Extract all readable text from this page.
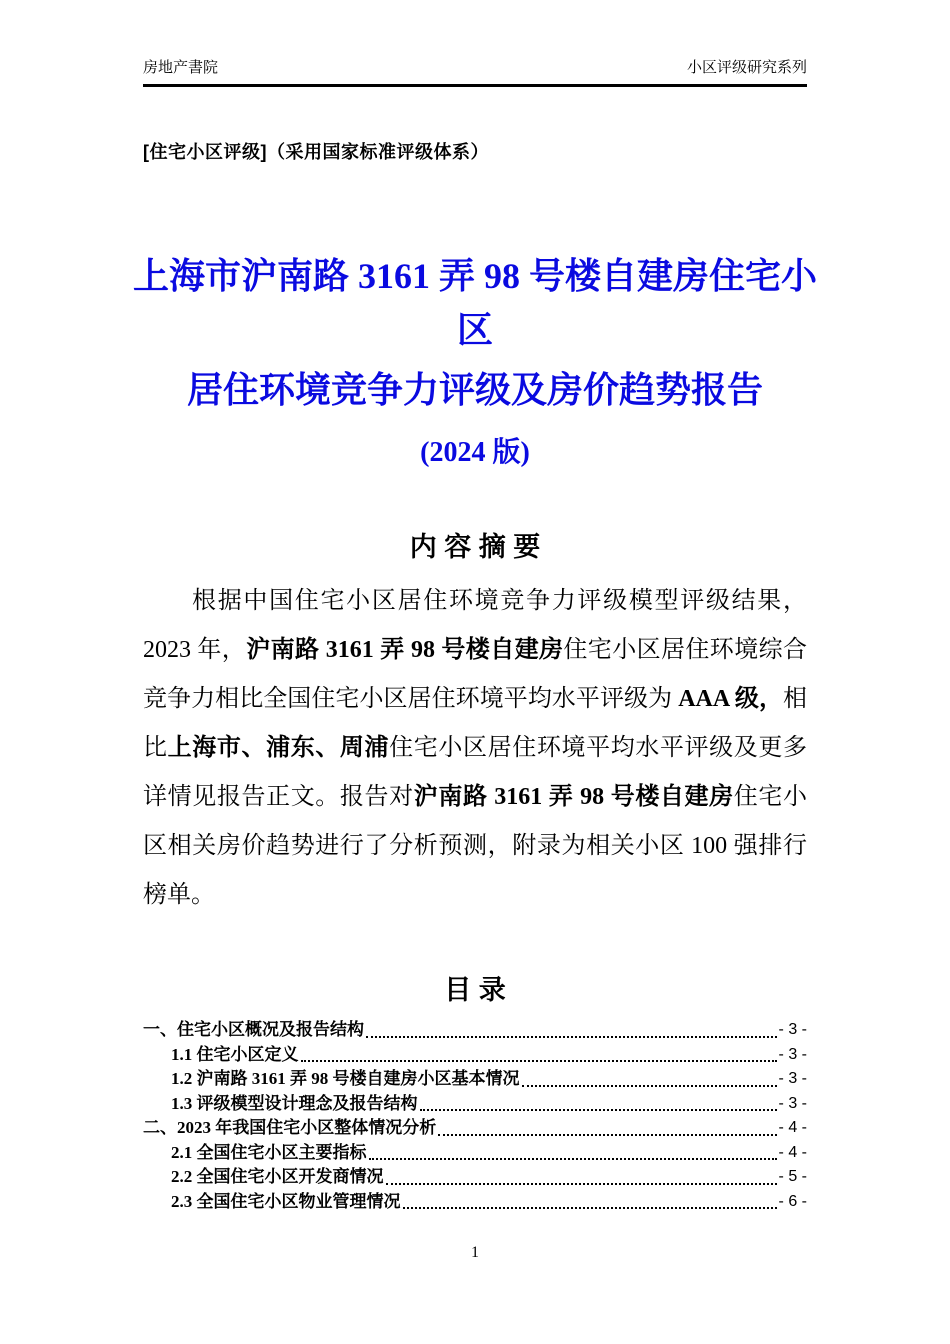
房地产書院	小区评级研究系列
[住宅小区评级]（采用国家标准评级体系）
上海市沪南路 3161 弄 98 号楼自建房住宅小
区
居住环境竞争力评级及房价趋势报告
(2024 版)
内 容 摘 要
根据中国住宅小区居住环境竞争力评级模型评级结果，
2023 年，沪南路 3161 弄 98 号楼自建房住宅小区居住环境综合
竞争力相比全国住宅小区居住环境平均水平评级为 AAA 级，相
比上海市、浦东、周浦住宅小区居住环境平均水平评级及更多
详情见报告正文。报告对沪南路 3161 弄 98 号楼自建房住宅小
区相关房价趋势进行了分析预测，附录为相关小区 100 强排行
榜单。
目 录
一、住宅小区概况及报告结构	- 3 -
1.1 住宅小区定义	- 3 -
1.2 沪南路 3161 弄 98 号楼自建房小区基本情况	- 3 -
1.3 评级模型设计理念及报告结构	- 3 -
二、2023 年我国住宅小区整体情况分析	- 4 -
2.1 全国住宅小区主要指标	- 4 -
2.2 全国住宅小区开发商情况	- 5 -
2.3 全国住宅小区物业管理情况	- 6 -
1
